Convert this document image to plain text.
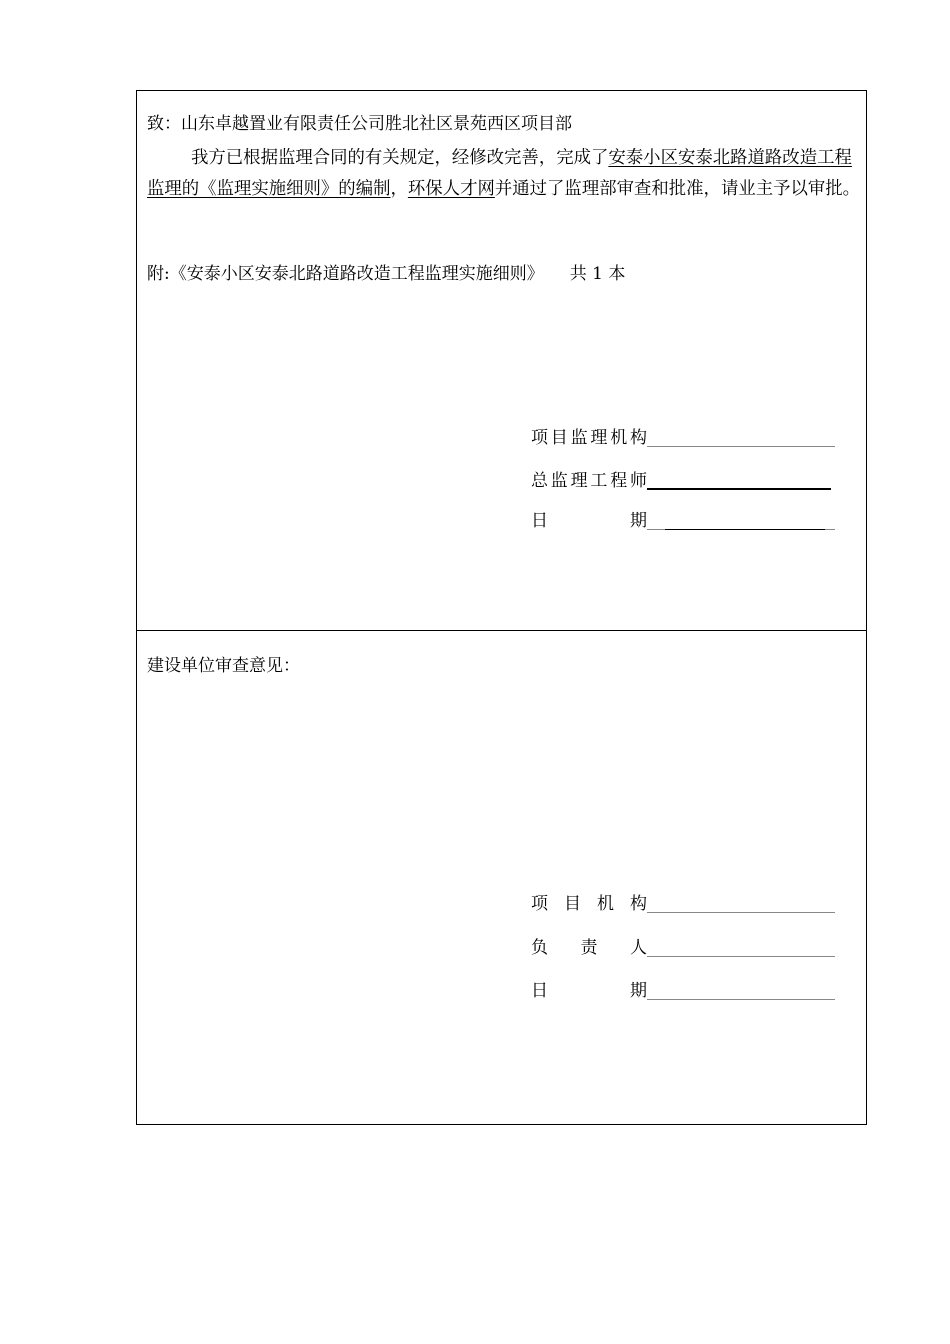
致：山东卓越置业有限责任公司胜北社区景苑西区项目部
我方已根据监理合同的有关规定，经修改完善，完成了安泰小区安泰北路道路改造工程监理的《监理实施细则》的编制，环保人才网并通过了监理部审查和批准，请业主予以审批。
附:《安泰小区安泰北路道路改造工程监理实施细则》 共 1 本
项目监理机构
总监理工程师
日　　期
建设单位审查意见：
项 目 机 构
负 责 人
日　　期
